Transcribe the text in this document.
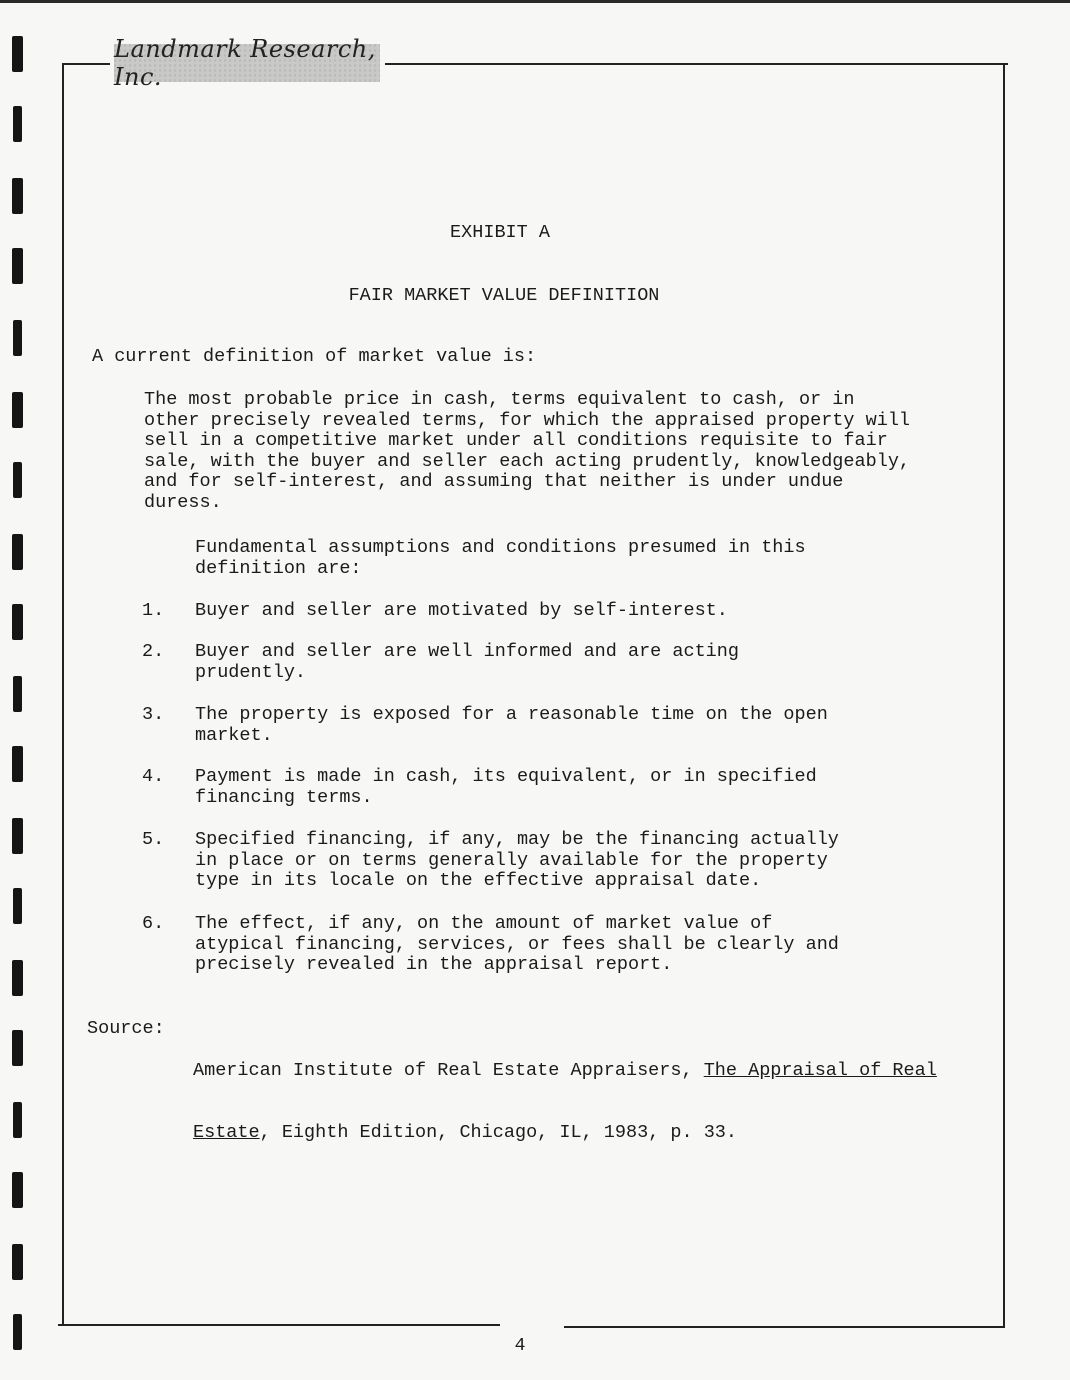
Landmark Research, Inc.
EXHIBIT A
FAIR MARKET VALUE DEFINITION
A current definition of market value is:
The most probable price in cash, terms equivalent to cash, or in
other precisely revealed terms, for which the appraised property will
sell in a competitive market under all conditions requisite to fair
sale, with the buyer and seller each acting prudently, knowledgeably,
and for self-interest, and assuming that neither is under undue
duress.
Fundamental assumptions and conditions presumed in this
definition are:
1. Buyer and seller are motivated by self-interest.
2. Buyer and seller are well informed and are acting
prudently.
3. The property is exposed for a reasonable time on the open
market.
4. Payment is made in cash, its equivalent, or in specified
financing terms.
5. Specified financing, if any, may be the financing actually
in place or on terms generally available for the property
type in its locale on the effective appraisal date.
6. The effect, if any, on the amount of market value of
atypical financing, services, or fees shall be clearly and
precisely revealed in the appraisal report.
Source:

American Institute of Real Estate Appraisers, The Appraisal of Real

Estate, Eighth Edition, Chicago, IL, 1983, p. 33.

4
